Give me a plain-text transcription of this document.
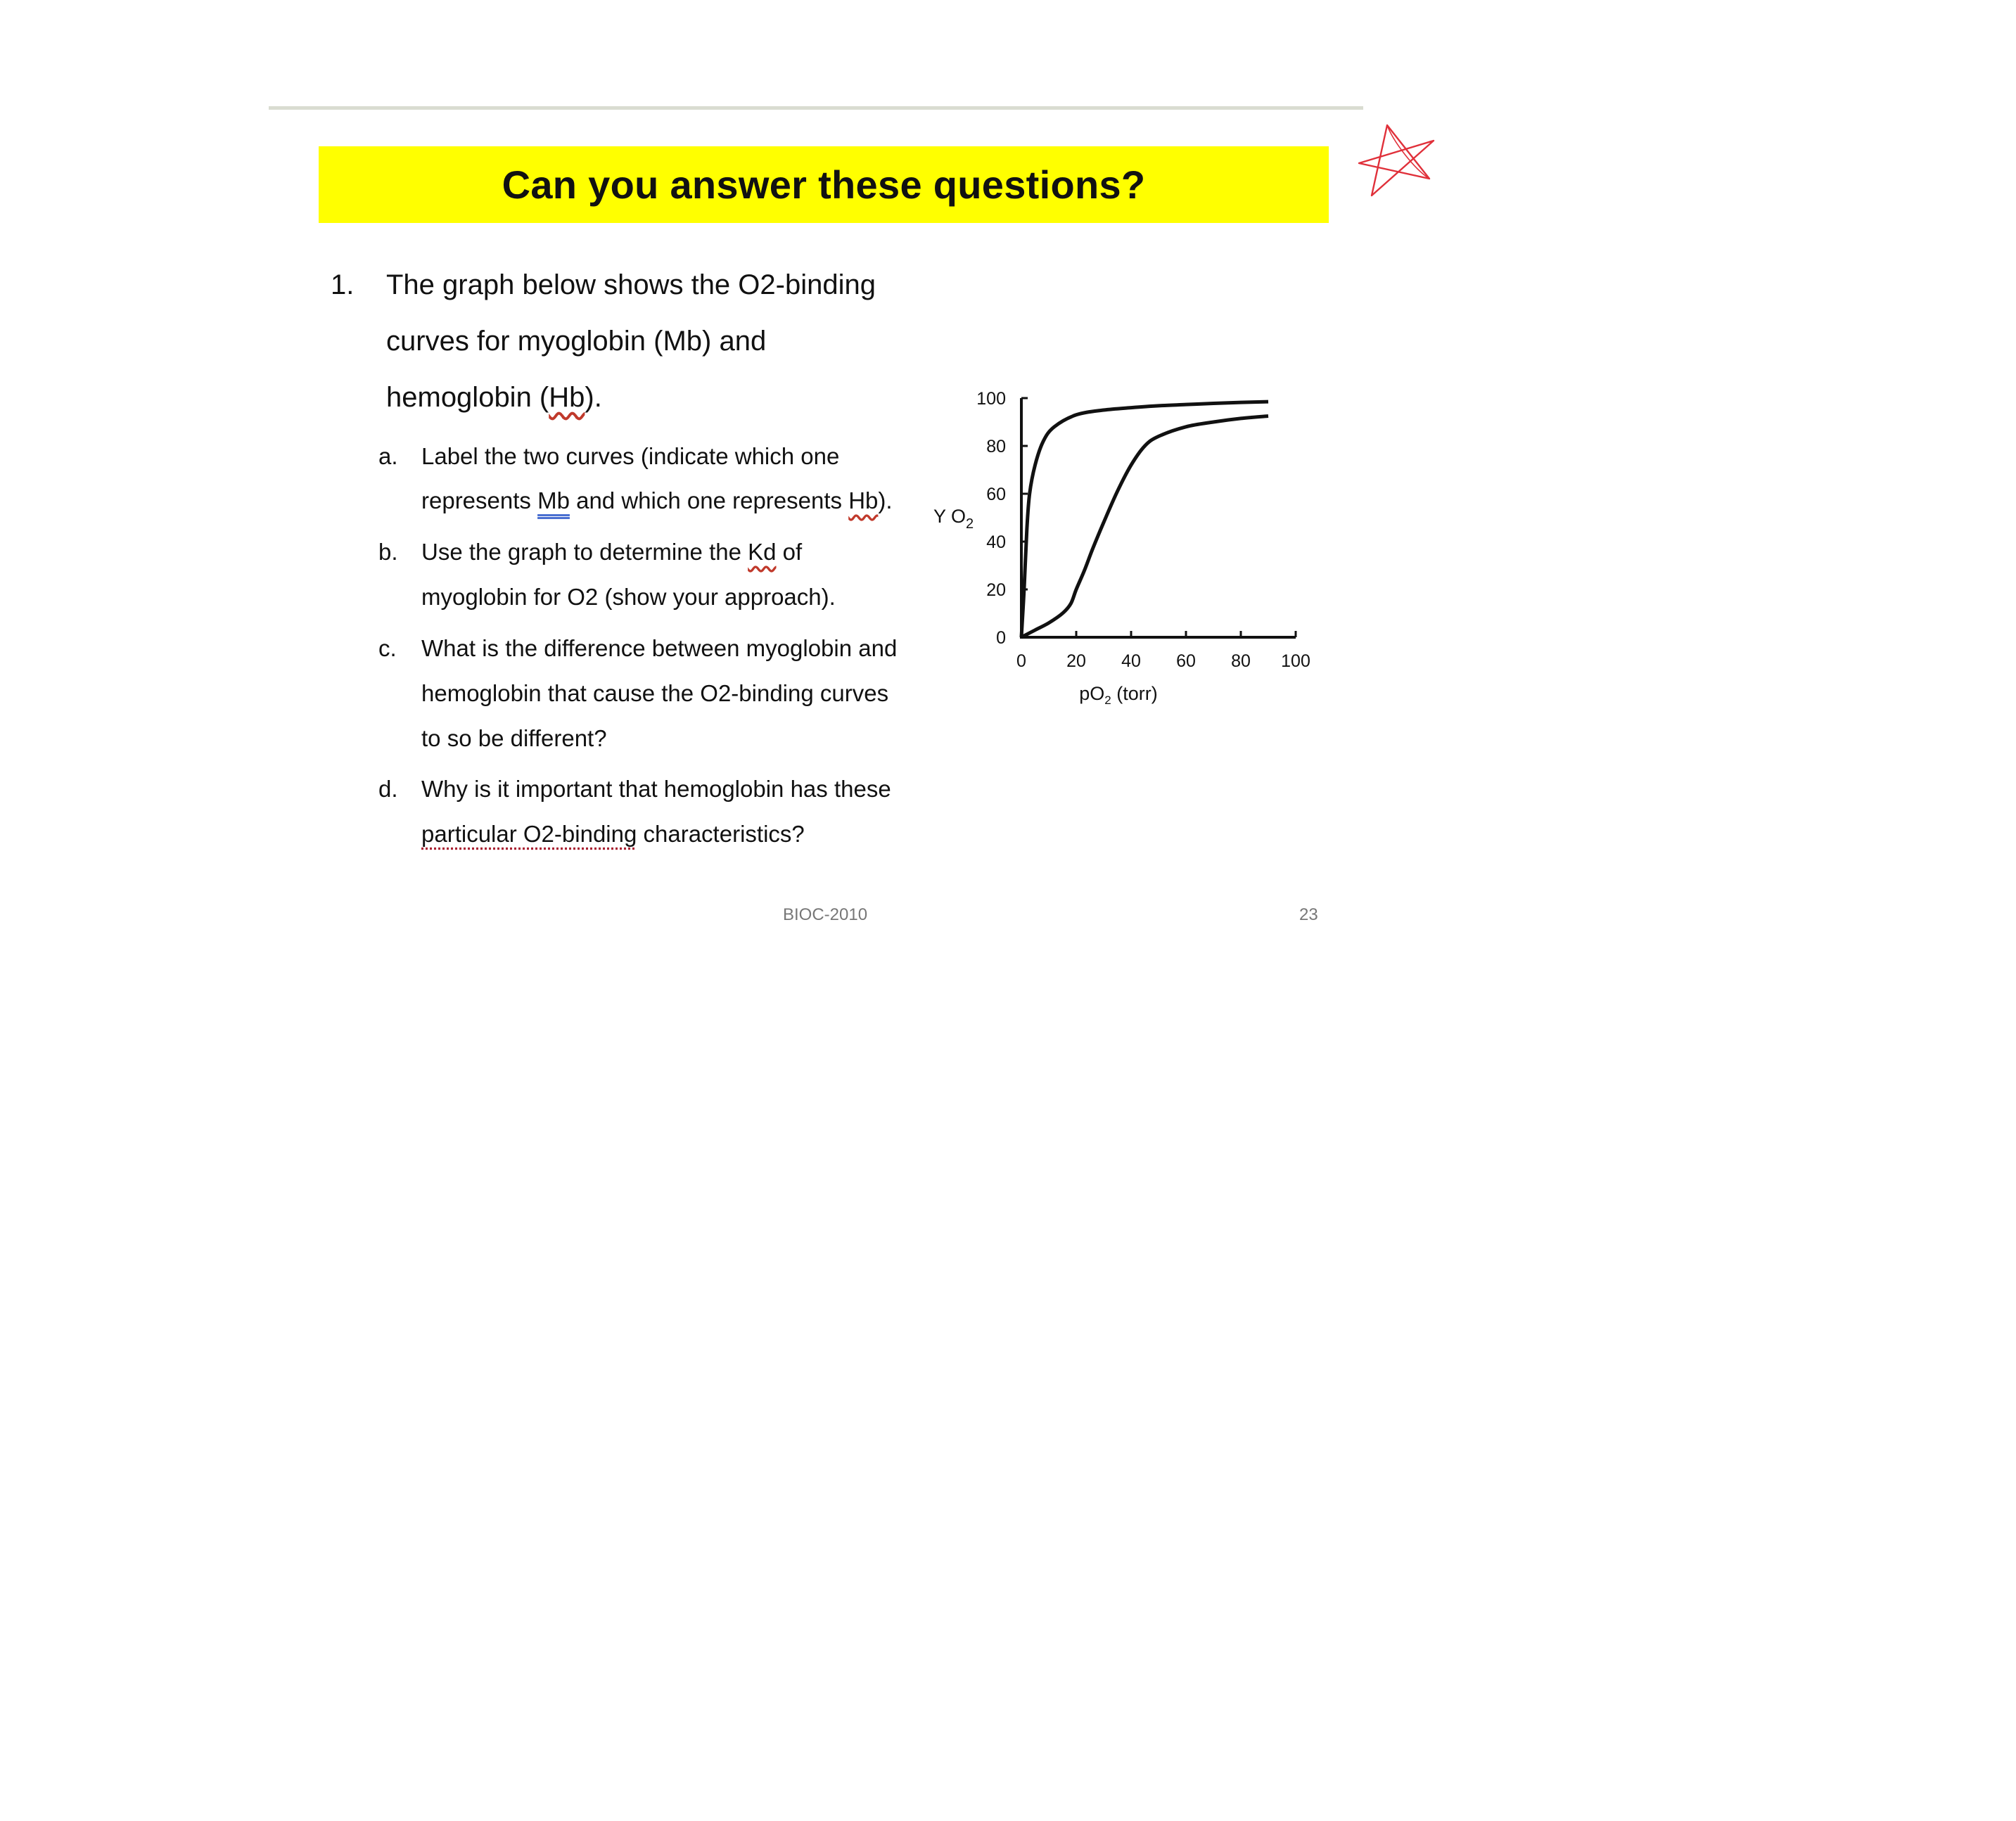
Can you answer these questions?
1. The graph below shows the O2-binding
curves for myoglobin (Mb) and
hemoglobin (Hb).
a. Label the two curves (indicate which one
represents Mb and which one represents Hb).
b. Use the graph to determine the Kd of
myoglobin for O2 (show your approach).
c. What is the difference between myoglobin and
hemoglobin that cause the O2-binding curves
to so be different?
d. Why is it important that hemoglobin has these
particular O2-binding characteristics?
0
20
40
60
80
100
0 20 40 60 80 100
Y $O_2$
$pO_2$ (torr)
BIOC-2010	23
